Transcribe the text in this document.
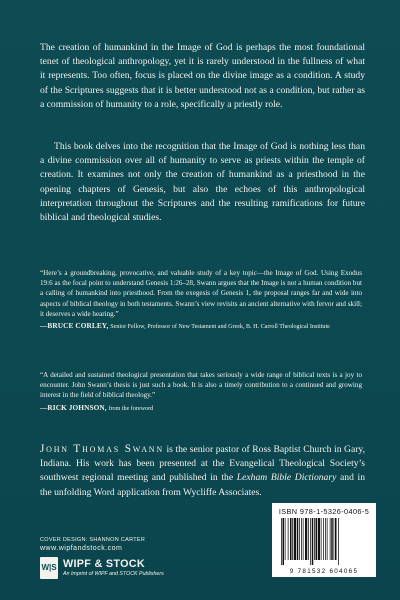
The creation of humankind in the Image of God is perhaps the most foundational tenet of theological anthropology, yet it is rarely understood in the fullness of what it represents. Too often, focus is placed on the divine image as a condition. A study of the Scriptures suggests that it is better understood not as a condition, but rather as a commission of humanity to a role, specifically a priestly role.

This book delves into the recognition that the Image of God is nothing less than a divine commission over all of humanity to serve as priests within the temple of creation. It examines not only the creation of humankind as a priesthood in the opening chapters of Genesis, but also the echoes of this anthropological interpretation throughout the Scriptures and the resulting ramifications for future biblical and theological studies.

“Here’s a groundbreaking, provocative, and valuable study of a key topic—the Image of God. Using Exodus 19:6 as the focal point to understand Genesis 1:26–28, Swann argues that the Image is not a human condition but a calling of humankind into priesthood. From the exegesis of Genesis 1, the proposal ranges far and wide into aspects of biblical theology in both testaments. Swann’s view revisits an ancient alternative with fervor and skill; it deserves a wide hearing.”
—BRUCE CORLEY, Senior Fellow, Professor of New Testament and Greek, B. H. Carroll Theological Institute
“A detailed and sustained theological presentation that takes seriously a wide range of biblical texts is a joy to encounter. John Swann’s thesis is just such a book. It is also a timely contribution to a continued and growing interest in the field of biblical theology.”
—RICK JOHNSON, from the foreword

John Thomas Swann is the senior pastor of Ross Baptist Church in Gary, Indiana. His work has been presented at the Evangelical Theological Society’s southwest regional meeting and published in the Lexham Bible Dictionary and in the unfolding Word application from Wycliffe Associates.

COVER DESIGN: SHANNON CARTER
www.wipfandstock.com
W|S WIPF & STOCK
An Imprint of WIPF and STOCK Publishers
ISBN 978-1-5326-0406-5
9 781532 604065
